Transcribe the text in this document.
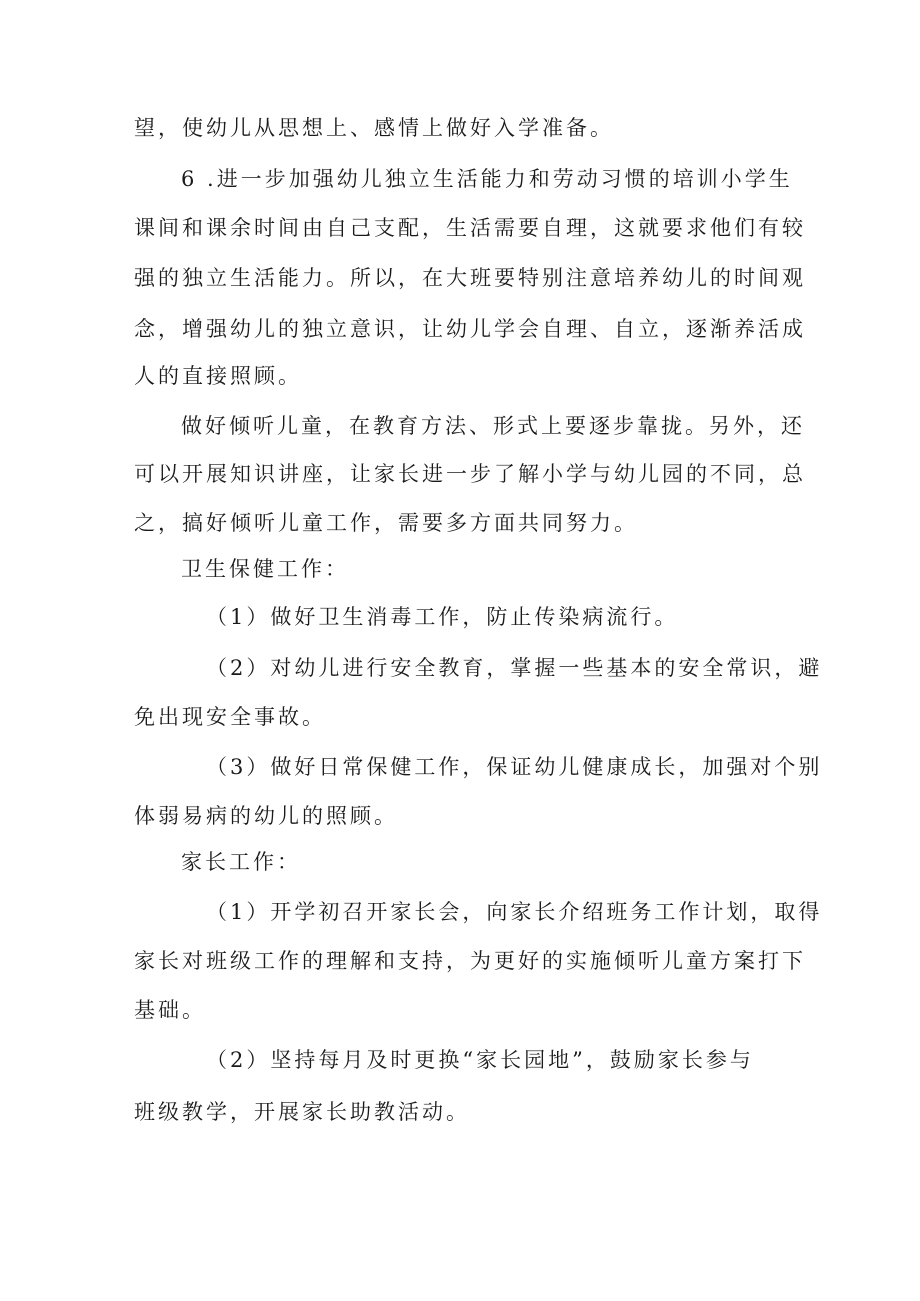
望，使幼儿从思想上、感情上做好入学准备。
6 .进一步加强幼儿独立生活能力和劳动习惯的培训小学生
课间和课余时间由自己支配，生活需要自理，这就要求他们有较
强的独立生活能力。所以，在大班要特别注意培养幼儿的时间观
念，增强幼儿的独立意识，让幼儿学会自理、自立，逐渐养活成
人的直接照顾。
做好倾听儿童，在教育方法、形式上要逐步靠拢。另外，还
可以开展知识讲座，让家长进一步了解小学与幼儿园的不同，总
之，搞好倾听儿童工作，需要多方面共同努力。
卫生保健工作：
（1）做好卫生消毒工作，防止传染病流行。
（2）对幼儿进行安全教育，掌握一些基本的安全常识，避
免出现安全事故。
（3）做好日常保健工作，保证幼儿健康成长，加强对个别
体弱易病的幼儿的照顾。
家长工作：
（1）开学初召开家长会，向家长介绍班务工作计划，取得
家长对班级工作的理解和支持，为更好的实施倾听儿童方案打下
基础。
（2）坚持每月及时更换“家长园地”，鼓励家长参与
班级教学，开展家长助教活动。
